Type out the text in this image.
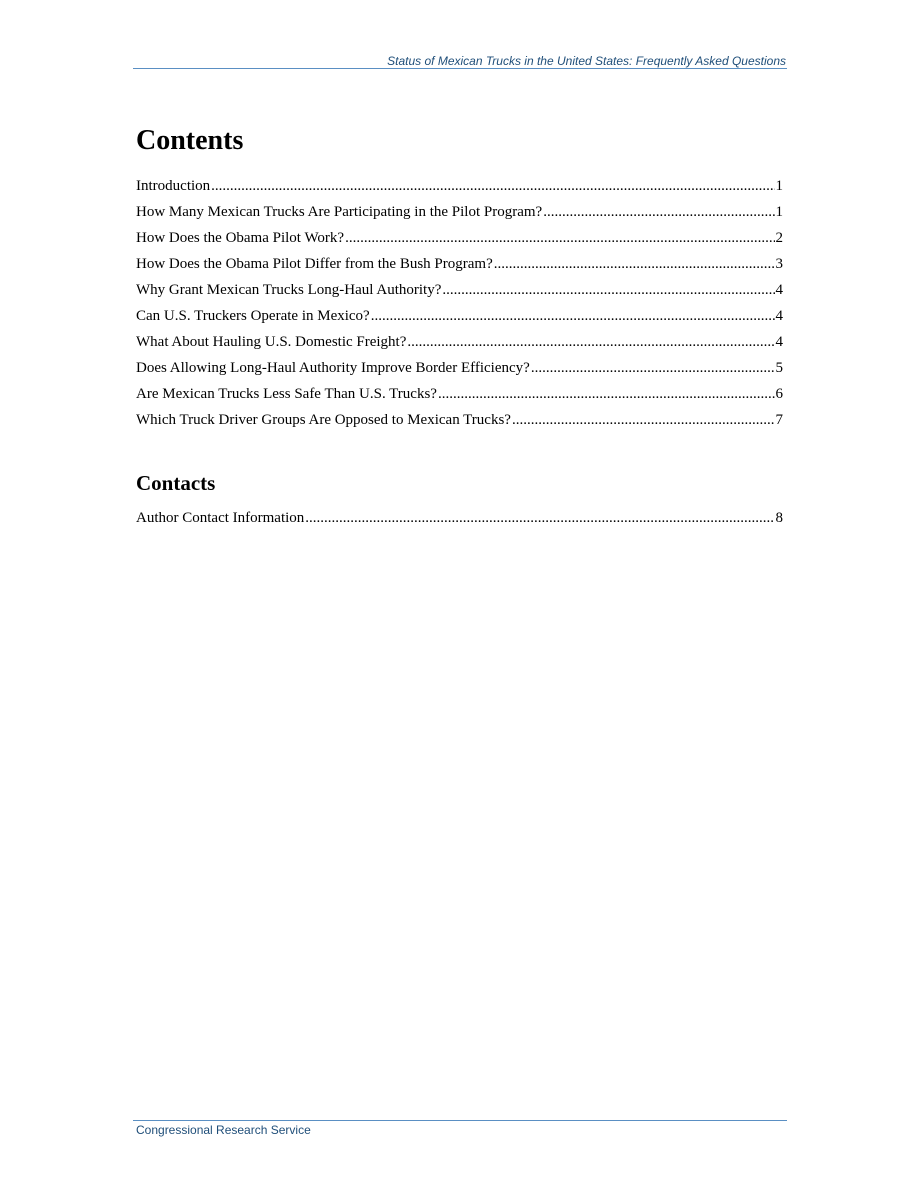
Status of Mexican Trucks in the United States: Frequently Asked Questions
Contents
Introduction .....	1
How Many Mexican Trucks Are Participating in the Pilot Program? .....	1
How Does the Obama Pilot Work? .....	2
How Does the Obama Pilot Differ from the Bush Program? .....	3
Why Grant Mexican Trucks Long-Haul Authority? .....	4
Can U.S. Truckers Operate in Mexico? .....	4
What About Hauling U.S. Domestic Freight? .....	4
Does Allowing Long-Haul Authority Improve Border Efficiency? .....	5
Are Mexican Trucks Less Safe Than U.S. Trucks? .....	6
Which Truck Driver Groups Are Opposed to Mexican Trucks? .....	7
Contacts
Author Contact Information .....	8
Congressional Research Service
